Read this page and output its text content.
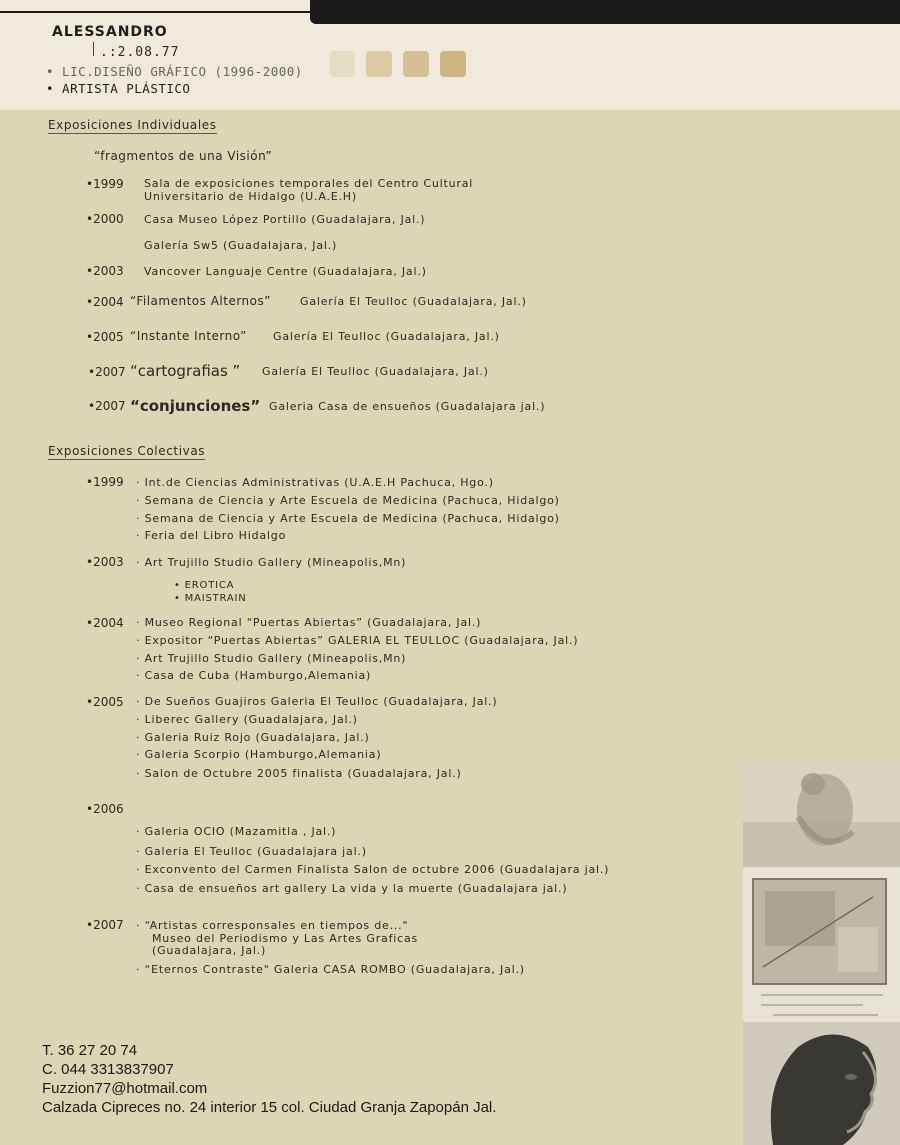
ALESSANDRO
.:2.08.77
• LIC.DISEÑO GRÁFICO (1996-2000)
• ARTISTA PLÁSTICO
Exposiciones Individuales
“fragmentos de una Visión”
•1999 Sala de exposiciones temporales del Centro Cultural
Universitario de Hidalgo (U.A.E.H)
•2000 Casa Museo López Portillo (Guadalajara, Jal.)
Galería Sw5 (Guadalajara, Jal.)
•2003 Vancover Languaje Centre (Guadalajara, Jal.)
•2004 “Filamentos Alternos”	Galería El Teulloc (Guadalajara, Jal.)
•2005 “Instante Interno” Galería El Teulloc (Guadalajara, Jal.)
•2007 “cartografias ” Galería El Teulloc (Guadalajara, Jal.)
•2007 “conjunciones” Galeria Casa de ensueños (Guadalajara jal.)
Exposiciones Colectivas
•1999 · Int.de Ciencias Administrativas (U.A.E.H Pachuca, Hgo.)
· Semana de Ciencia y Arte Escuela de Medicina (Pachuca, Hidalgo)
· Semana de Ciencia y Arte Escuela de Medicina (Pachuca, Hidalgo)
· Feria del Libro Hidalgo
•2003 · Art Trujillo Studio Gallery (Mineapolis,Mn)
• EROTICA
• MAISTRAIN
•2004 · Museo Regional “Puertas Abiertas” (Guadalajara, Jal.)
· Expositor “Puertas Abiertas” GALERIA EL TEULLOC (Guadalajara, Jal.)
· Art Trujillo Studio Gallery (Mineapolis,Mn)
· Casa de Cuba (Hamburgo,Alemania)
•2005 · De Sueños Guajiros Galeria El Teulloc (Guadalajara, Jal.)
· Liberec Gallery (Guadalajara, Jal.)
· Galeria Ruiz Rojo (Guadalajara, Jal.)
· Galeria Scorpio (Hamburgo,Alemania)
· Salon de Octubre 2005 finalista (Guadalajara, Jal.)
•2006
· Galeria OCIO (Mazamitla , Jal.)
· Galeria El Teulloc (Guadalajara jal.)
· Exconvento del Carmen Finalista Salon de octubre 2006 (Guadalajara jal.)
· Casa de ensueños art gallery La vida y la muerte (Guadalajara jal.)
•2007 · “Artistas corresponsales en tiempos de..."
Museo del Periodismo y Las Artes Graficas
(Guadalajara, Jal.)
· “Eternos Contraste" Galeria CASA ROMBO (Guadalajara, Jal.)
T. 36 27 20 74
C. 044 3313837907
Fuzzion77@hotmail.com
Calzada Cipreces no. 24 interior 15 col. Ciudad Granja Zapopán Jal.
